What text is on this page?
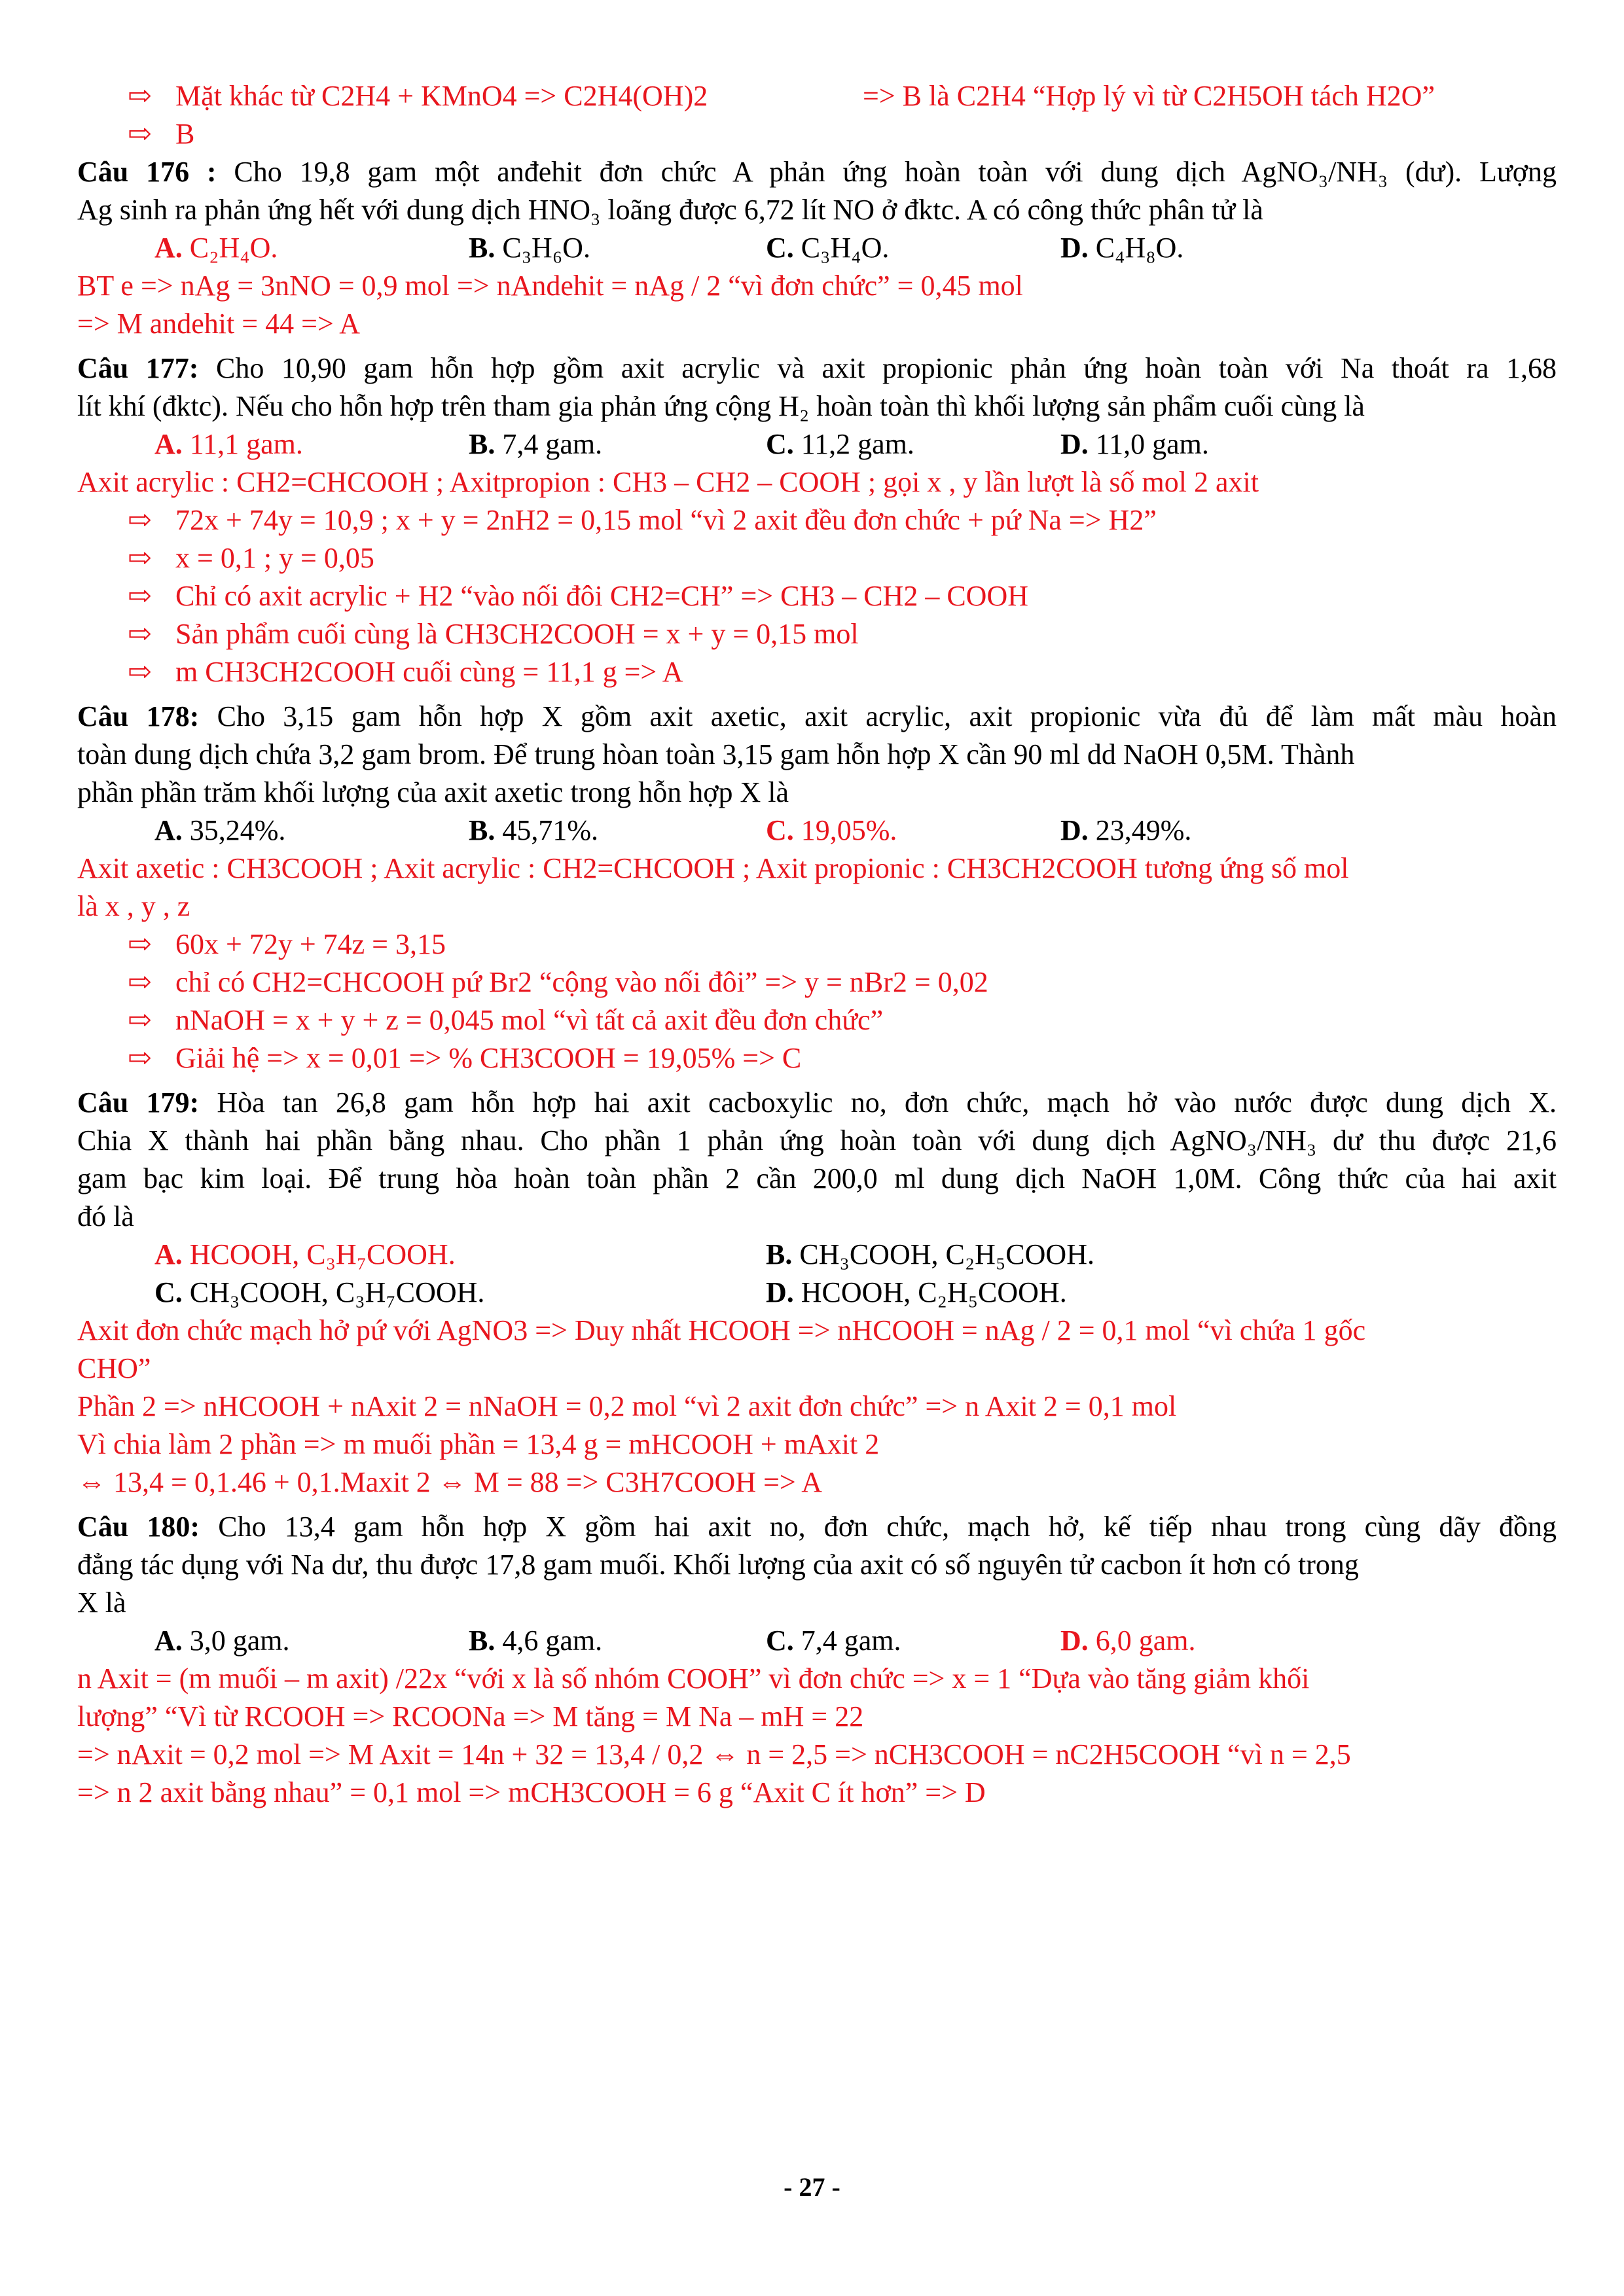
⇨ Mặt khác từ C2H4 + KMnO4 => C2H4(OH)2	=> B là C2H4 “Hợp lý vì từ C2H5OH tách H2O”
⇨ B
Câu 176 : Cho 19,8 gam một anđehit đơn chức A phản ứng hoàn toàn với dung dịch AgNO₃/NH₃ (dư). Lượng
Ag sinh ra phản ứng hết với dung dịch HNO₃ loãng được 6,72 lít NO ở đktc. A có công thức phân tử là
A. C₂H₄O.	B. C₃H₆O.	C. C₃H₄O.	D. C₄H₈O.
BT e => nAg = 3nNO = 0,9 mol => nAndehit = nAg / 2 “vì đơn chức” = 0,45 mol
=> M andehit = 44 => A
Câu 177: Cho 10,90 gam hỗn hợp gồm axit acrylic và axit propionic phản ứng hoàn toàn với Na thoát ra 1,68
lít khí (đktc). Nếu cho hỗn hợp trên tham gia phản ứng cộng H₂ hoàn toàn thì khối lượng sản phẩm cuối cùng là
A. 11,1 gam.	B. 7,4 gam.	C. 11,2 gam.	D. 11,0 gam.
Axit acrylic : CH2=CHCOOH ; Axitpropion : CH3 – CH2 – COOH ; gọi x , y lần lượt là số mol 2 axit
⇨ 72x + 74y = 10,9 ; x + y = 2nH2 = 0,15 mol “vì 2 axit đều đơn chức + pứ Na => H2”
⇨ x = 0,1 ; y = 0,05
⇨ Chỉ có axit acrylic + H2 “vào nối đôi CH2=CH” => CH3 – CH2 – COOH
⇨ Sản phẩm cuối cùng là CH3CH2COOH = x + y = 0,15 mol
⇨ m CH3CH2COOH cuối cùng = 11,1 g => A
Câu 178: Cho 3,15 gam hỗn hợp X gồm axit axetic, axit acrylic, axit propionic vừa đủ để làm mất màu hoàn
toàn dung dịch chứa 3,2 gam brom. Để trung hòan toàn 3,15 gam hỗn hợp X cần 90 ml dd NaOH 0,5M. Thành
phần phần trăm khối lượng của axit axetic trong hỗn hợp X là
A. 35,24%.	B. 45,71%.	C. 19,05%.	D. 23,49%.
Axit axetic : CH3COOH ; Axit acrylic : CH2=CHCOOH ; Axit propionic : CH3CH2COOH tương ứng số mol
là x , y , z
⇨ 60x + 72y + 74z = 3,15
⇨ chỉ có CH2=CHCOOH pứ Br2 “cộng vào nối đôi” => y = nBr2 = 0,02
⇨ nNaOH = x + y + z = 0,045 mol “vì tất cả axit đều đơn chức”
⇨ Giải hệ => x = 0,01 => % CH3COOH = 19,05% => C
Câu 179: Hòa tan 26,8 gam hỗn hợp hai axit cacboxylic no, đơn chức, mạch hở vào nước được dung dịch X.
Chia X thành hai phần bằng nhau. Cho phần 1 phản ứng hoàn toàn với dung dịch AgNO₃/NH₃ dư thu được 21,6
gam bạc kim loại. Để trung hòa hoàn toàn phần 2 cần 200,0 ml dung dịch NaOH 1,0M. Công thức của hai axit
đó là
A. HCOOH, C₃H₇COOH.	B. CH₃COOH, C₂H₅COOH.
C. CH₃COOH, C₃H₇COOH.	D. HCOOH, C₂H₅COOH.
Axit đơn chức mạch hở pứ với AgNO3 => Duy nhất HCOOH => nHCOOH = nAg / 2 = 0,1 mol “vì chứa 1 gốc
CHO”
Phần 2 => nHCOOH + nAxit 2 = nNaOH = 0,2 mol “vì 2 axit đơn chức” => n Axit 2 = 0,1 mol
Vì chia làm 2 phần => m muối phần = 13,4 g = mHCOOH + mAxit 2
⇔ 13,4 = 0,1.46 + 0,1.Maxit 2 ⇔ M = 88 => C3H7COOH => A
Câu 180: Cho 13,4 gam hỗn hợp X gồm hai axit no, đơn chức, mạch hở, kế tiếp nhau trong cùng dãy đồng
đẳng tác dụng với Na dư, thu được 17,8 gam muối. Khối lượng của axit có số nguyên tử cacbon ít hơn có trong
X là
A. 3,0 gam.	B. 4,6 gam.	C. 7,4 gam.	D. 6,0 gam.
n Axit = (m muối – m axit) /22x “với x là số nhóm COOH” vì đơn chức => x = 1 “Dựa vào tăng giảm khối
lượng” “Vì từ RCOOH => RCOONa => M tăng = M Na – mH = 22
=> nAxit = 0,2 mol => M Axit = 14n + 32 = 13,4 / 0,2 ⇔ n = 2,5 => nCH3COOH = nC2H5COOH “vì n = 2,5
=> n 2 axit bằng nhau” = 0,1 mol => mCH3COOH = 6 g “Axit C ít hơn” => D
- 27 -
